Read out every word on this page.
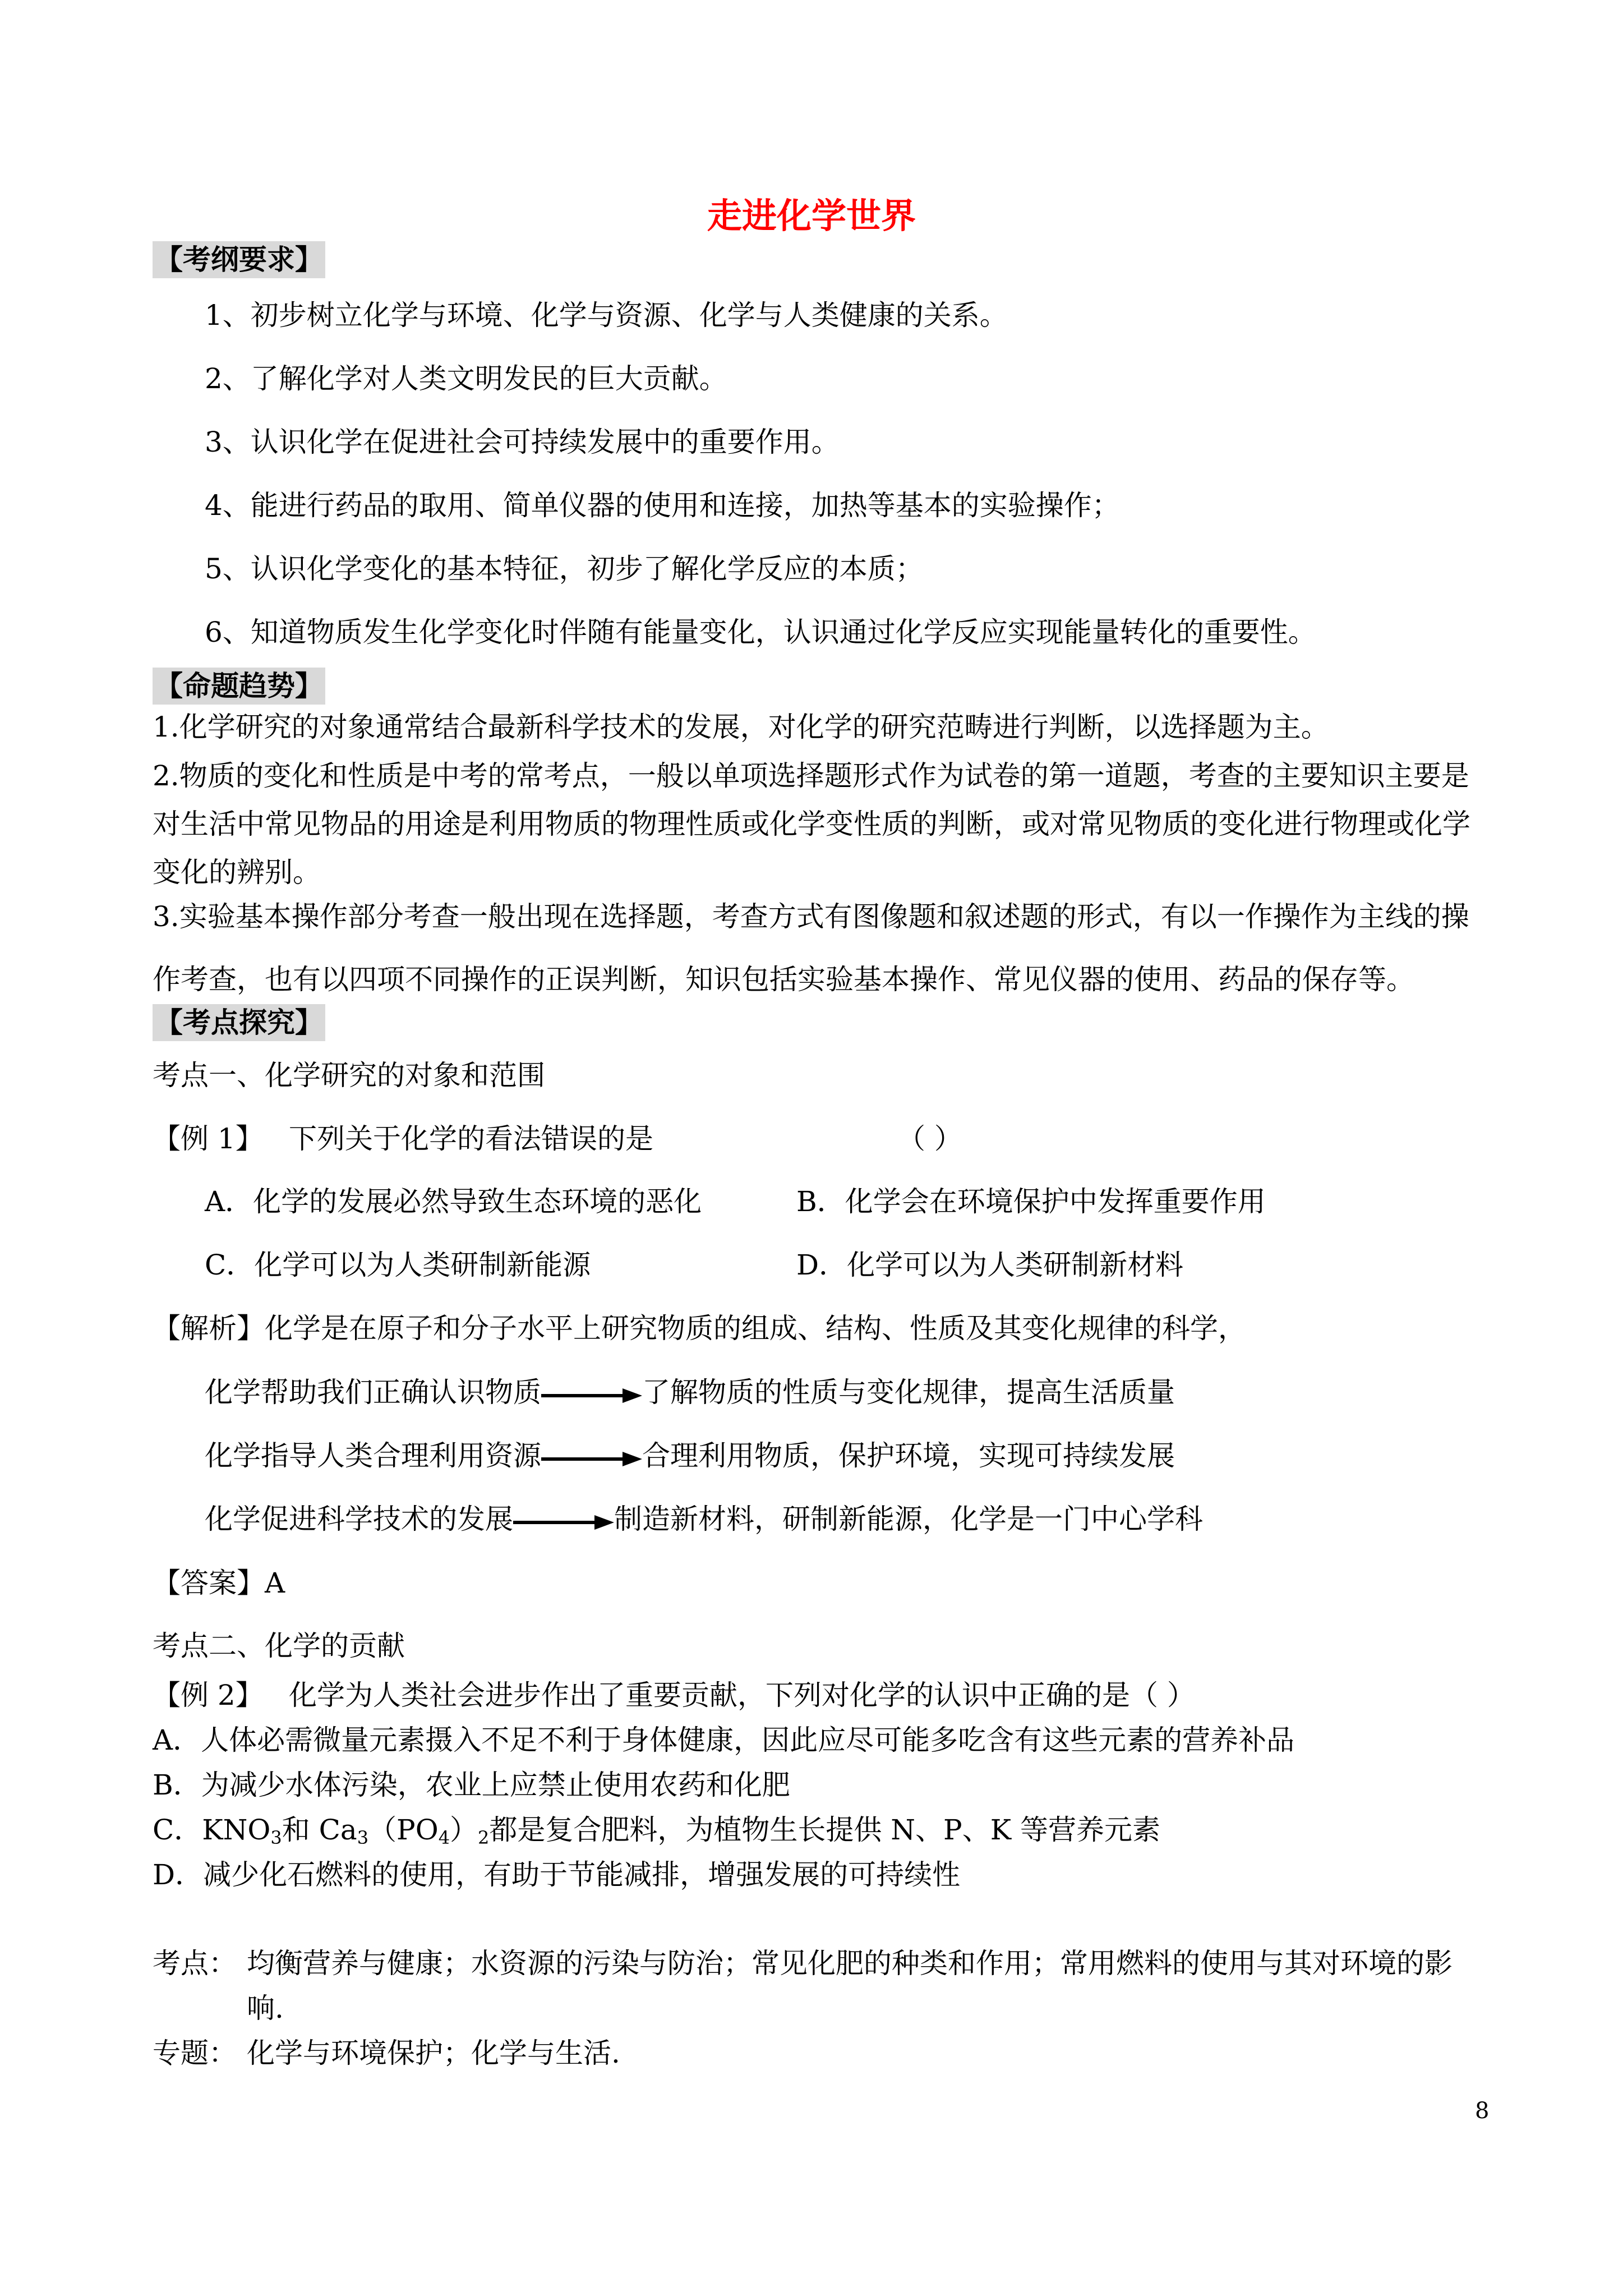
走进化学世界
【考纲要求】
1、初步树立化学与环境、化学与资源、化学与人类健康的关系。
2、了解化学对人类文明发民的巨大贡献。
3、认识化学在促进社会可持续发展中的重要作用。
4、能进行药品的取用、简单仪器的使用和连接，加热等基本的实验操作；
5、认识化学变化的基本特征，初步了解化学反应的本质；
6、知道物质发生化学变化时伴随有能量变化，认识通过化学反应实现能量转化的重要性。
【命题趋势】
1.化学研究的对象通常结合最新科学技术的发展，对化学的研究范畴进行判断，以选择题为主。
2.物质的变化和性质是中考的常考点，一般以单项选择题形式作为试卷的第一道题，考查的主要知识主要是对生活中常见物品的用途是利用物质的物理性质或化学变性质的判断，或对常见物质的变化进行物理或化学变化的辨别。
3.实验基本操作部分考查一般出现在选择题，考查方式有图像题和叙述题的形式，有以一作操作为主线的操作考查，也有以四项不同操作的正误判断，知识包括实验基本操作、常见仪器的使用、药品的保存等。
【考点探究】
考点一、化学研究的对象和范围
【例 1】 下列关于化学的看法错误的是	（ ）
A．化学的发展必然导致生态环境的恶化	B．化学会在环境保护中发挥重要作用
C．化学可以为人类研制新能源	D．化学可以为人类研制新材料
【解析】化学是在原子和分子水平上研究物质的组成、结构、性质及其变化规律的科学，
化学帮助我们正确认识物质	了解物质的性质与变化规律，提高生活质量
化学指导人类合理利用资源	合理利用物质，保护环境，实现可持续发展
化学促进科学技术的发展	制造新材料，研制新能源，化学是一门中心学科
【答案】A
考点二、化学的贡献
【例 2】 化学为人类社会进步作出了重要贡献，下列对化学的认识中正确的是（ ）
A．人体必需微量元素摄入不足不利于身体健康，因此应尽可能多吃含有这些元素的营养补品
B．为减少水体污染，农业上应禁止使用农药和化肥
C．$KNO_3$和 $Ca_3(PO_4)_2$都是复合肥料，为植物生长提供 N、P、K 等营养元素
D．减少化石燃料的使用，有助于节能减排，增强发展的可持续性
考点： 均衡营养与健康；水资源的污染与防治；常见化肥的种类和作用；常用燃料的使用与其对环境的影
响.
专题： 化学与环境保护；化学与生活.
8
